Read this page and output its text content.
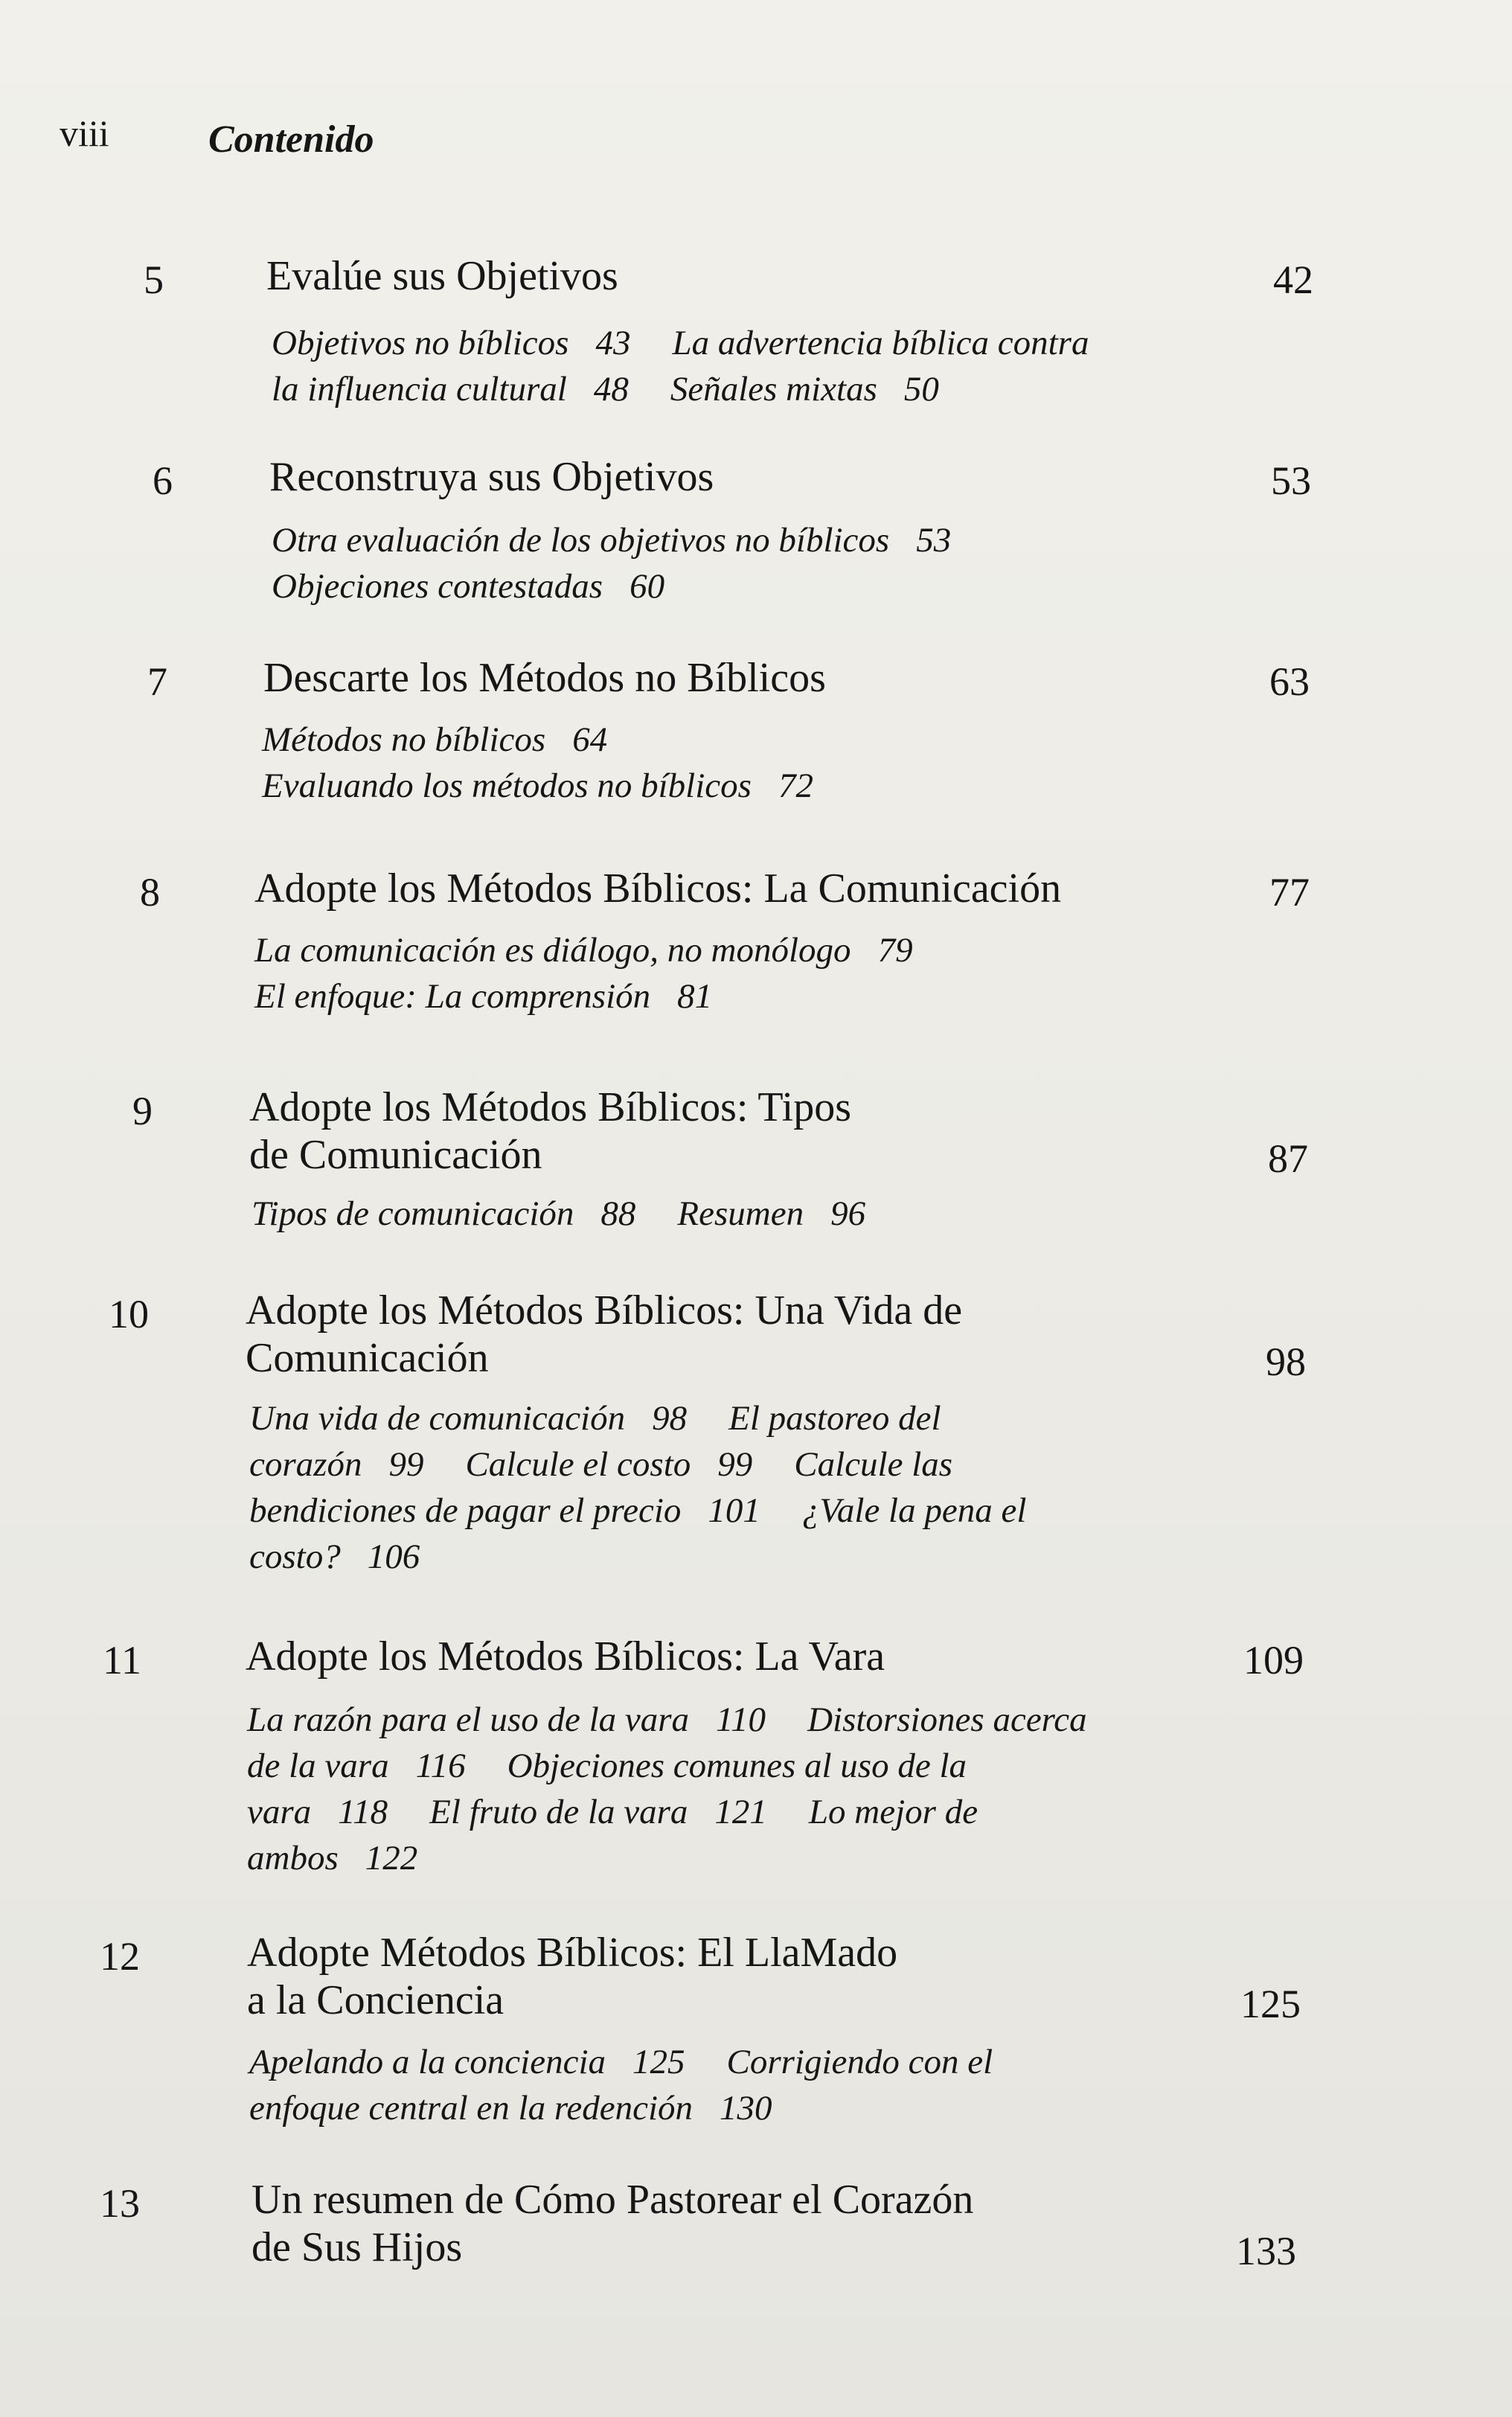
viii	Contenido
5 Evalúe sus Objetivos	42
Objetivos no bíblicos 43 La advertencia bíblica contra
la influencia cultural 48 Señales mixtas 50
6 Reconstruya sus Objetivos	53
Otra evaluación de los objetivos no bíblicos 53
Objeciones contestadas 60
7 Descarte los Métodos no Bíblicos	63
Métodos no bíblicos 64
Evaluando los métodos no bíblicos 72
8 Adopte los Métodos Bíblicos: La Comunicación	77
La comunicación es diálogo, no monólogo 79
El enfoque: La comprensión 81
9 Adopte los Métodos Bíblicos: Tipos
de Comunicación	87
Tipos de comunicación 88 Resumen 96
10 Adopte los Métodos Bíblicos: Una Vida de
Comunicación	98
Una vida de comunicación 98 El pastoreo del
corazón 99 Calcule el costo 99 Calcule las
bendiciones de pagar el precio 101 ¿Vale la pena el
costo? 106
11	Adopte los Métodos Bíblicos: La Vara	109
La razón para el uso de la vara 110 Distorsiones acerca
de la vara 116 Objeciones comunes al uso de la
vara 118 El fruto de la vara 121 Lo mejor de
ambos 122
12	Adopte Métodos Bíblicos: El LlaMado
a la Conciencia	125
Apelando a la conciencia 125 Corrigiendo con el
enfoque central en la redención 130
13	Un resumen de Cómo Pastorear el Corazón
de Sus Hijos	133
